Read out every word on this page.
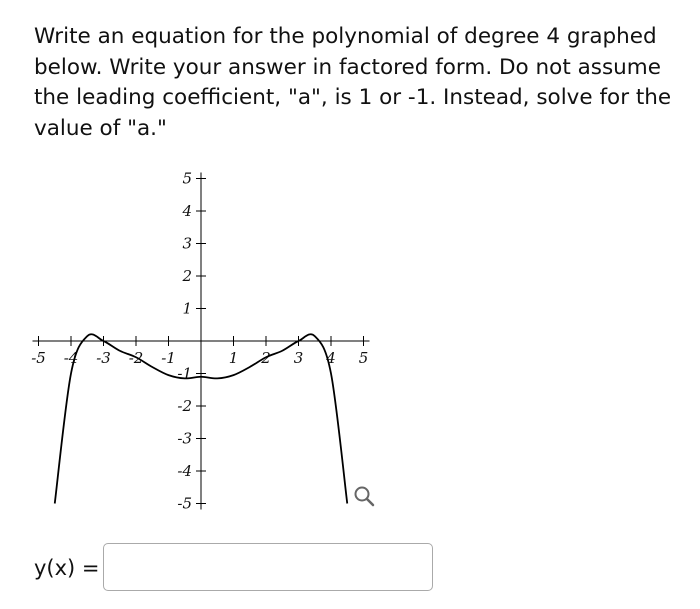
Write an equation for the polynomial of degree 4 graphed below. Write your answer in factored form. Do not assume the leading coefficient, "a", is 1 or -1. Instead, solve for the value of "a."
-5 -4 -3 -2 -1	1 2 3 4 5
-5
-4
-3
-2
-1
1
2
3
4
5
y(x) =
